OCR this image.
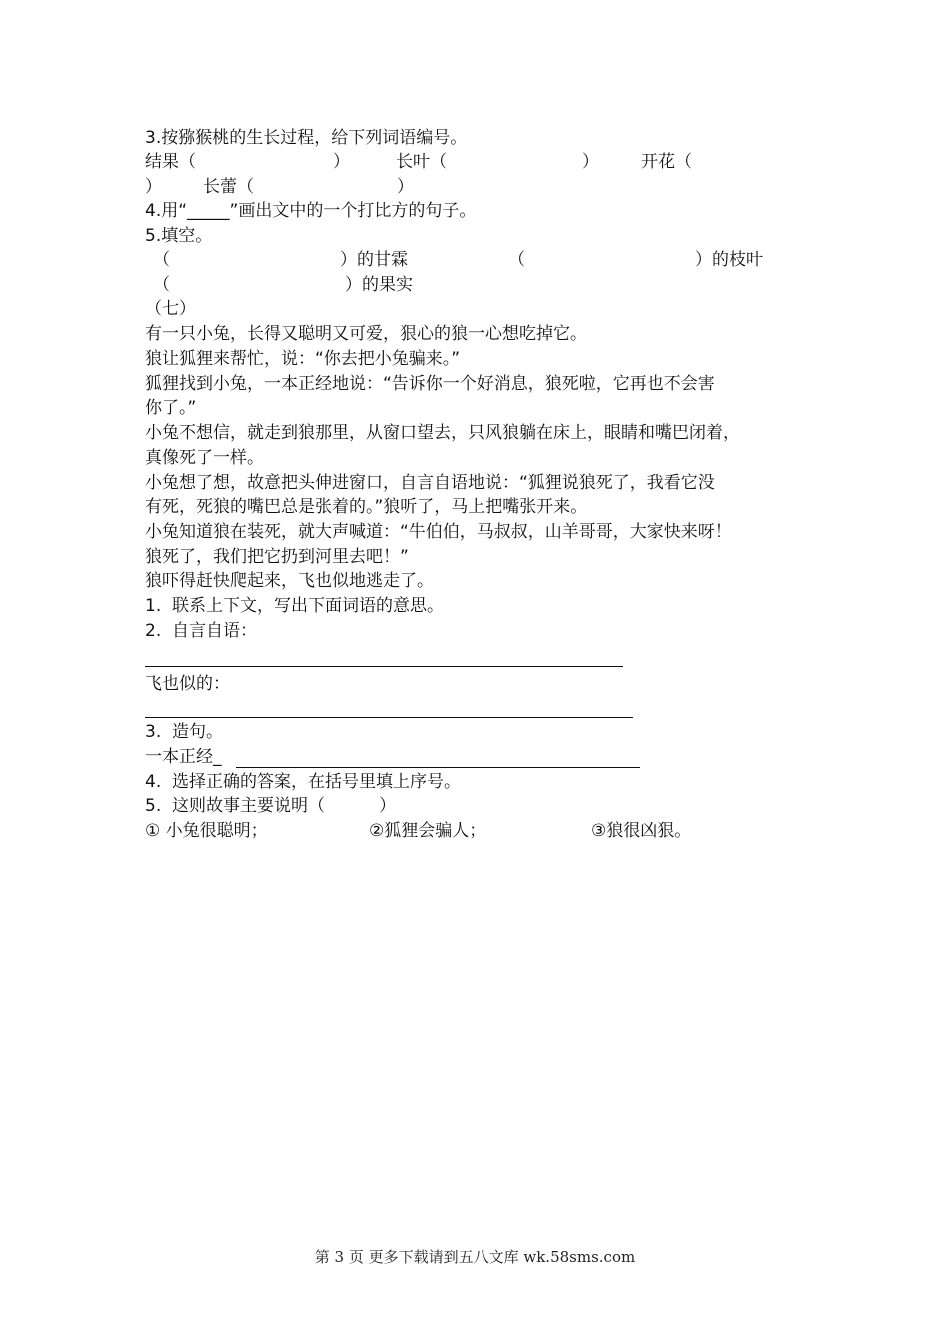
3.按猕猴桃的生长过程，给下列词语编号。
结果（	）	长叶（	） 开花（
） 长蕾（	）
4.用“_____”画出文中的一个打比方的句子。
5.填空。
（	）的甘霖	（	）的枝叶
（	）的果实
（七）
有一只小兔，长得又聪明又可爱，狠心的狼一心想吃掉它。
狼让狐狸来帮忙，说：“你去把小兔骗来。”
狐狸找到小兔，一本正经地说：“告诉你一个好消息，狼死啦，它再也不会害
你了。”
小兔不想信，就走到狼那里，从窗口望去，只风狼躺在床上，眼睛和嘴巴闭着，
真像死了一样。
小兔想了想，故意把头伸进窗口，自言自语地说：“狐狸说狼死了，我看它没
有死，死狼的嘴巴总是张着的。”狼听了，马上把嘴张开来。
小兔知道狼在装死，就大声喊道：“牛伯伯，马叔叔，山羊哥哥，大家快来呀！
狼死了，我们把它扔到河里去吧！”
狼吓得赶快爬起来，飞也似地逃走了。
1.  联系上下文，写出下面词语的意思。
2.  自言自语：
飞也似的：
3.  造句。
一本正经_
4.  选择正确的答案，在括号里填上序号。
5.  这则故事主要说明（          ）
① 小兔很聪明；	②狐狸会骗人；	③狼很凶狠。
第 3 页 更多下载请到五八文库 wk.58sms.com
